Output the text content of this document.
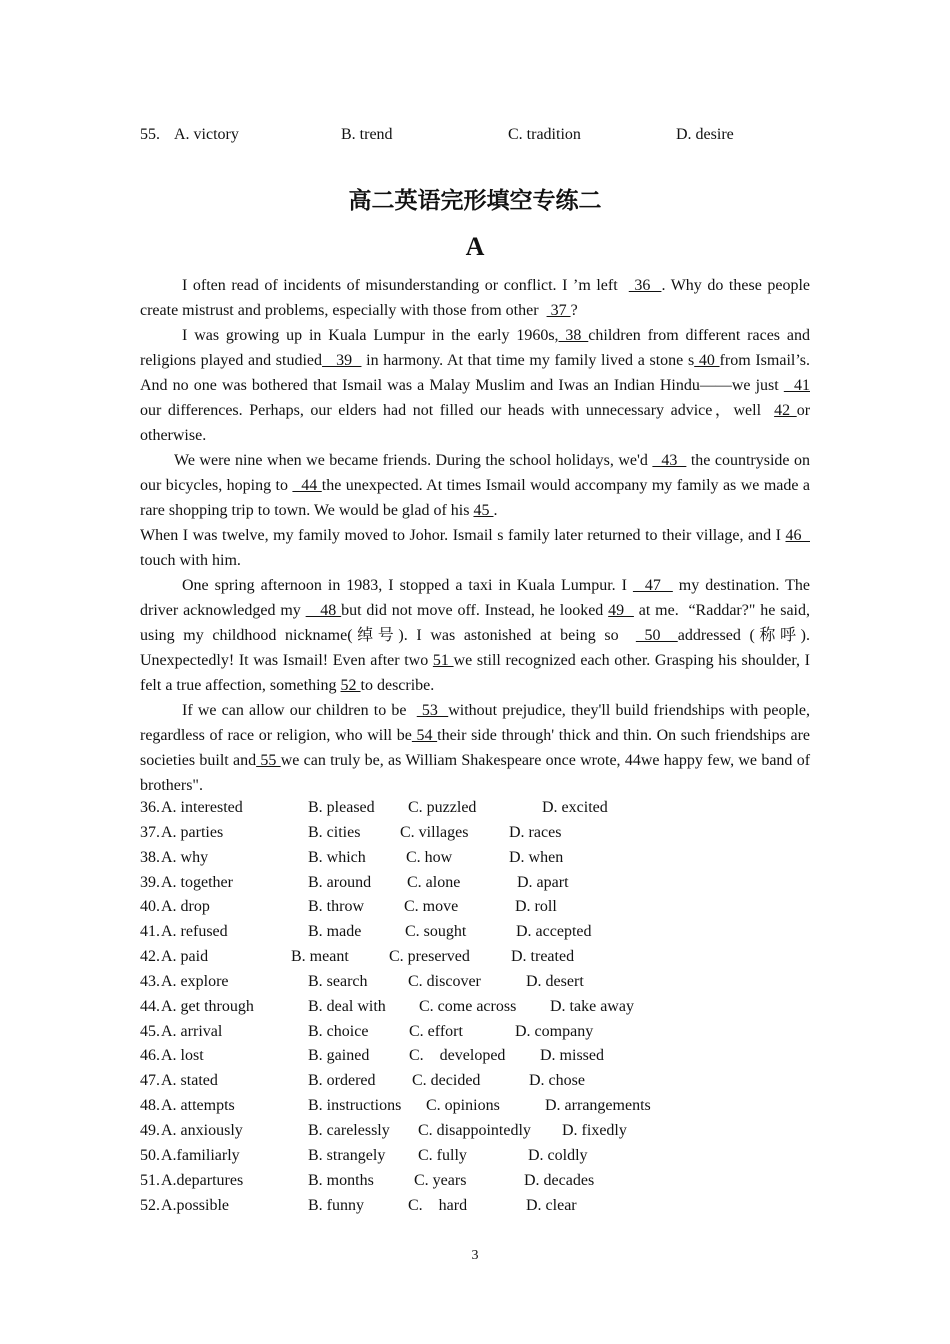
55. A. victory	B. trend	C. tradition	D. desire
高二英语完形填空专练二
A

I often read of incidents of misunderstanding or conflict. I ’m left   36  . Why do these people create mistrust and problems, especially with those from other   37 ?

I was growing up in Kuala Lumpur in the early 1960s, 38 children from different races and religions played and studied   39   in harmony. At that time my family lived a stone s 40 from Ismail’s. And no one was bothered that Ismail was a Malay Muslim and Iwas an Indian Hindu——we just   41 our differences. Perhaps, our elders had not filled our heads with unnecessary advice，well  42 or otherwise.

We were nine when we became friends. During the school holidays, we'd   43   the countryside on our bicycles, hoping to   44 the unexpected. At times Ismail would accompany my family as we made a rare shopping trip to town. We would be glad of his 45 .

When I was twelve, my family moved to Johor. Ismail s family later returned to their village, and I 46   touch with him.

One spring afternoon in 1983, I stopped a taxi in Kuala Lumpur. I   47   my destination. The driver acknowledged my    48 but did not move off. Instead, he looked 49   at me.  “Raddar?" he said, using my childhood nickname(绰号). I was astonished at being so   50  addressed (称呼). Unexpectedly! It was Ismail! Even after two 51 we still recognized each other. Grasping his shoulder, I felt a true affection, something 52 to describe.

If we can allow our children to be   53  without prejudice, they'll build friendships with people, regardless of race or religion, who will be 54 their side through' thick and thin. On such friendships are societies built and 55 we can truly be, as William Shakespeare once wrote, 44we happy few, we band of brothers".

36. A. interested	B. pleased C. puzzled	D. excited
37. A. parties	B. cities C. villages	D. races
38. A. why	B. which	C. how	D. when
39. A. together	B. around C. alone	D. apart
40. A. drop	B. throw	C. move	D. roll
41. A. refused	B. made	C. sought	D. accepted
42. A. paid	B. meant	C. preserved	D. treated
43. A. explore	B. search	C. discover	D. desert
44. A. get through	B. deal with C. come across D. take away
45. A. arrival	B. choice	C. effort	D. company
46. A. lost	B. gained C.    developed D. missed
47. A. stated	B. ordered C. decided	D. chose
48. A. attempts	B. instructions C. opinions	D. arrangements
49. A. anxiously	B. carelessly C. disappointedly D. fixedly
50. A.familiarly	B. strangely C. fully	D. coldly
51. A.departures	B. months	C. years	D. decades
52. A.possible	B. funny	C.    hard	D. clear
3
